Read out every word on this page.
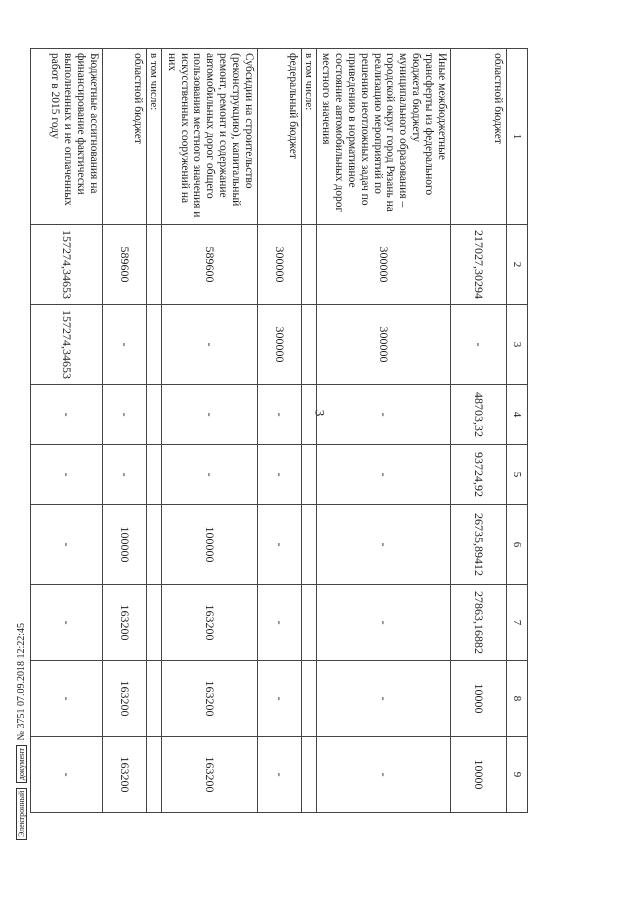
3
1	2	3	4	5	6	7	8	9
областной бюджет	217027,30294	-	48703,32	93724,92	26735,89412	27863,16882	10000	10000
Иные межбюджетные трансферты из федерального бюджета бюджету муниципального образования – городской округ город Рязань на реализацию мероприятий по решению неотложных задач по приведению в нормативное состояние автомобильных дорог местного значения	300000	300000	-	-	-	-	-	-
в том числе:								
федеральный бюджет	300000	300000	-	-	-	-	-	-
Субсидии на строительство (реконструкцию), капитальный ремонт, ремонт и содержание автомобильных дорог общего пользования местного значения и искусственных сооружений на них	589600	-	-	-	100000	163200	163200	163200
в том числе:								
областной бюджет	589600	-	-	-	100000	163200	163200	163200
Бюджетные ассигнования на финансирование фактически выполненных и не оплаченных работ в 2015 году	157274,34653	157274,34653	-	-	-	-	-	-
Электронный документ № 3751 07.09.2018 12:22:45
